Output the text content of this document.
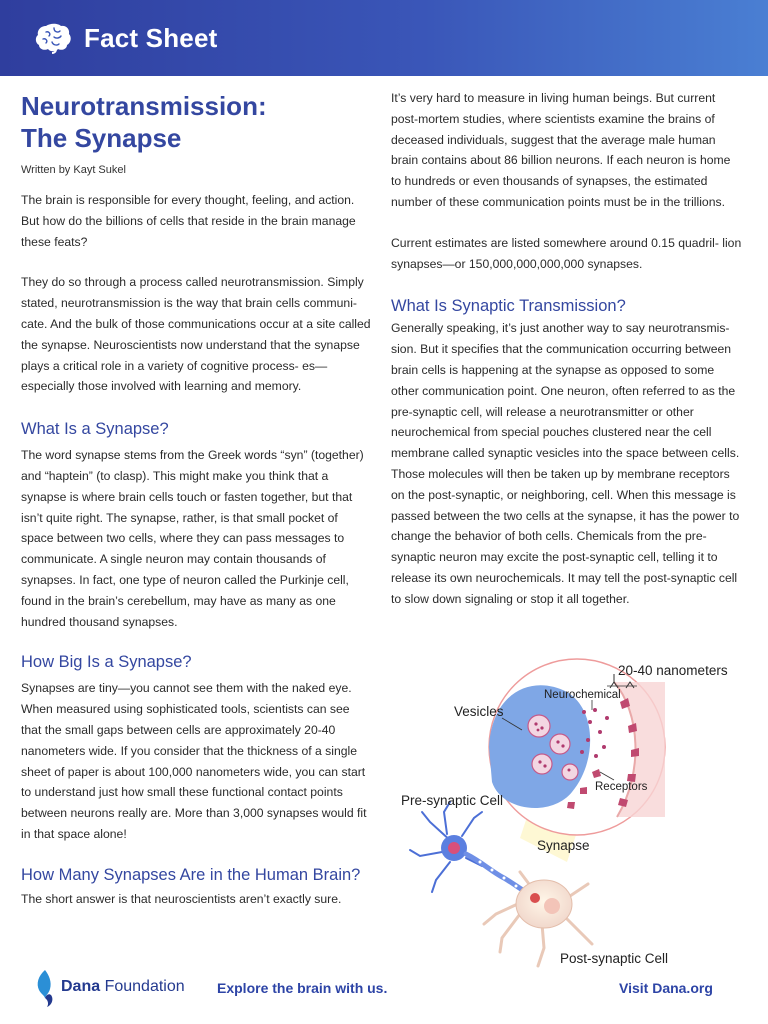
Fact Sheet
Neurotransmission:
The Synapse
Written by Kayt Sukel

The brain is responsible for every thought, feeling, and action. But how do the billions of cells that reside in the brain manage these feats?

They do so through a process called neurotransmission. Simply stated, neurotransmission is the way that brain cells communi- cate. And the bulk of those communications occur at a site called the synapse. Neuroscientists now understand that the synapse plays a critical role in a variety of cognitive process- es—especially those involved with learning and memory.

What Is a Synapse?

The word synapse stems from the Greek words “syn” (together) and “haptein” (to clasp). This might make you think that a synapse is where brain cells touch or fasten together, but that isn’t quite right. The synapse, rather, is that small pocket of space between two cells, where they can pass messages to communicate. A single neuron may contain thousands of synapses. In fact, one type of neuron called the Purkinje cell, found in the brain’s cerebellum, may have as many as one hundred thousand synapses.

How Big Is a Synapse?

Synapses are tiny—you cannot see them with the naked eye. When measured using sophisticated tools, scientists can see that the small gaps between cells are approximately 20-40 nanometers wide. If you consider that the thickness of a single sheet of paper is about 100,000 nanometers wide, you can start to understand just how small these functional contact points between neurons really are. More than 3,000 synapses would fit in that space alone!

How Many Synapses Are in the Human Brain?

The short answer is that neuroscientists aren’t exactly sure.

It’s very hard to measure in living human beings. But current post-mortem studies, where scientists examine the brains of deceased individuals, suggest that the average male human brain contains about 86 billion neurons. If each neuron is home to hundreds or even thousands of synapses, the estimated number of these communication points must be in the trillions.

Current estimates are listed somewhere around 0.15 quadril- lion synapses—or 150,000,000,000,000 synapses.

What Is Synaptic Transmission?

Generally speaking, it’s just another way to say neurotransmis- sion. But it specifies that the communication occurring between brain cells is happening at the synapse as opposed to some other communication point. One neuron, often referred to as the pre-synaptic cell, will release a neurotransmitter or other neurochemical from special pouches clustered near the cell membrane called synaptic vesicles into the space between cells. Those molecules will then be taken up by membrane receptors on the post-synaptic, or neighboring, cell. When this message is passed between the two cells at the synapse, it has the power to change the behavior of both cells. Chemicals from the pre-synaptic neuron may excite the post-synaptic cell, telling it to release its own neurochemicals. It may tell the post-synaptic cell to slow down signaling or stop it all together.

20-40 nanometers
Neurochemical
Vesicles
Receptors
Pre-synaptic Cell
Synapse
Post-synaptic Cell
Dana Foundation Explore the brain with us.	Visit Dana.org
